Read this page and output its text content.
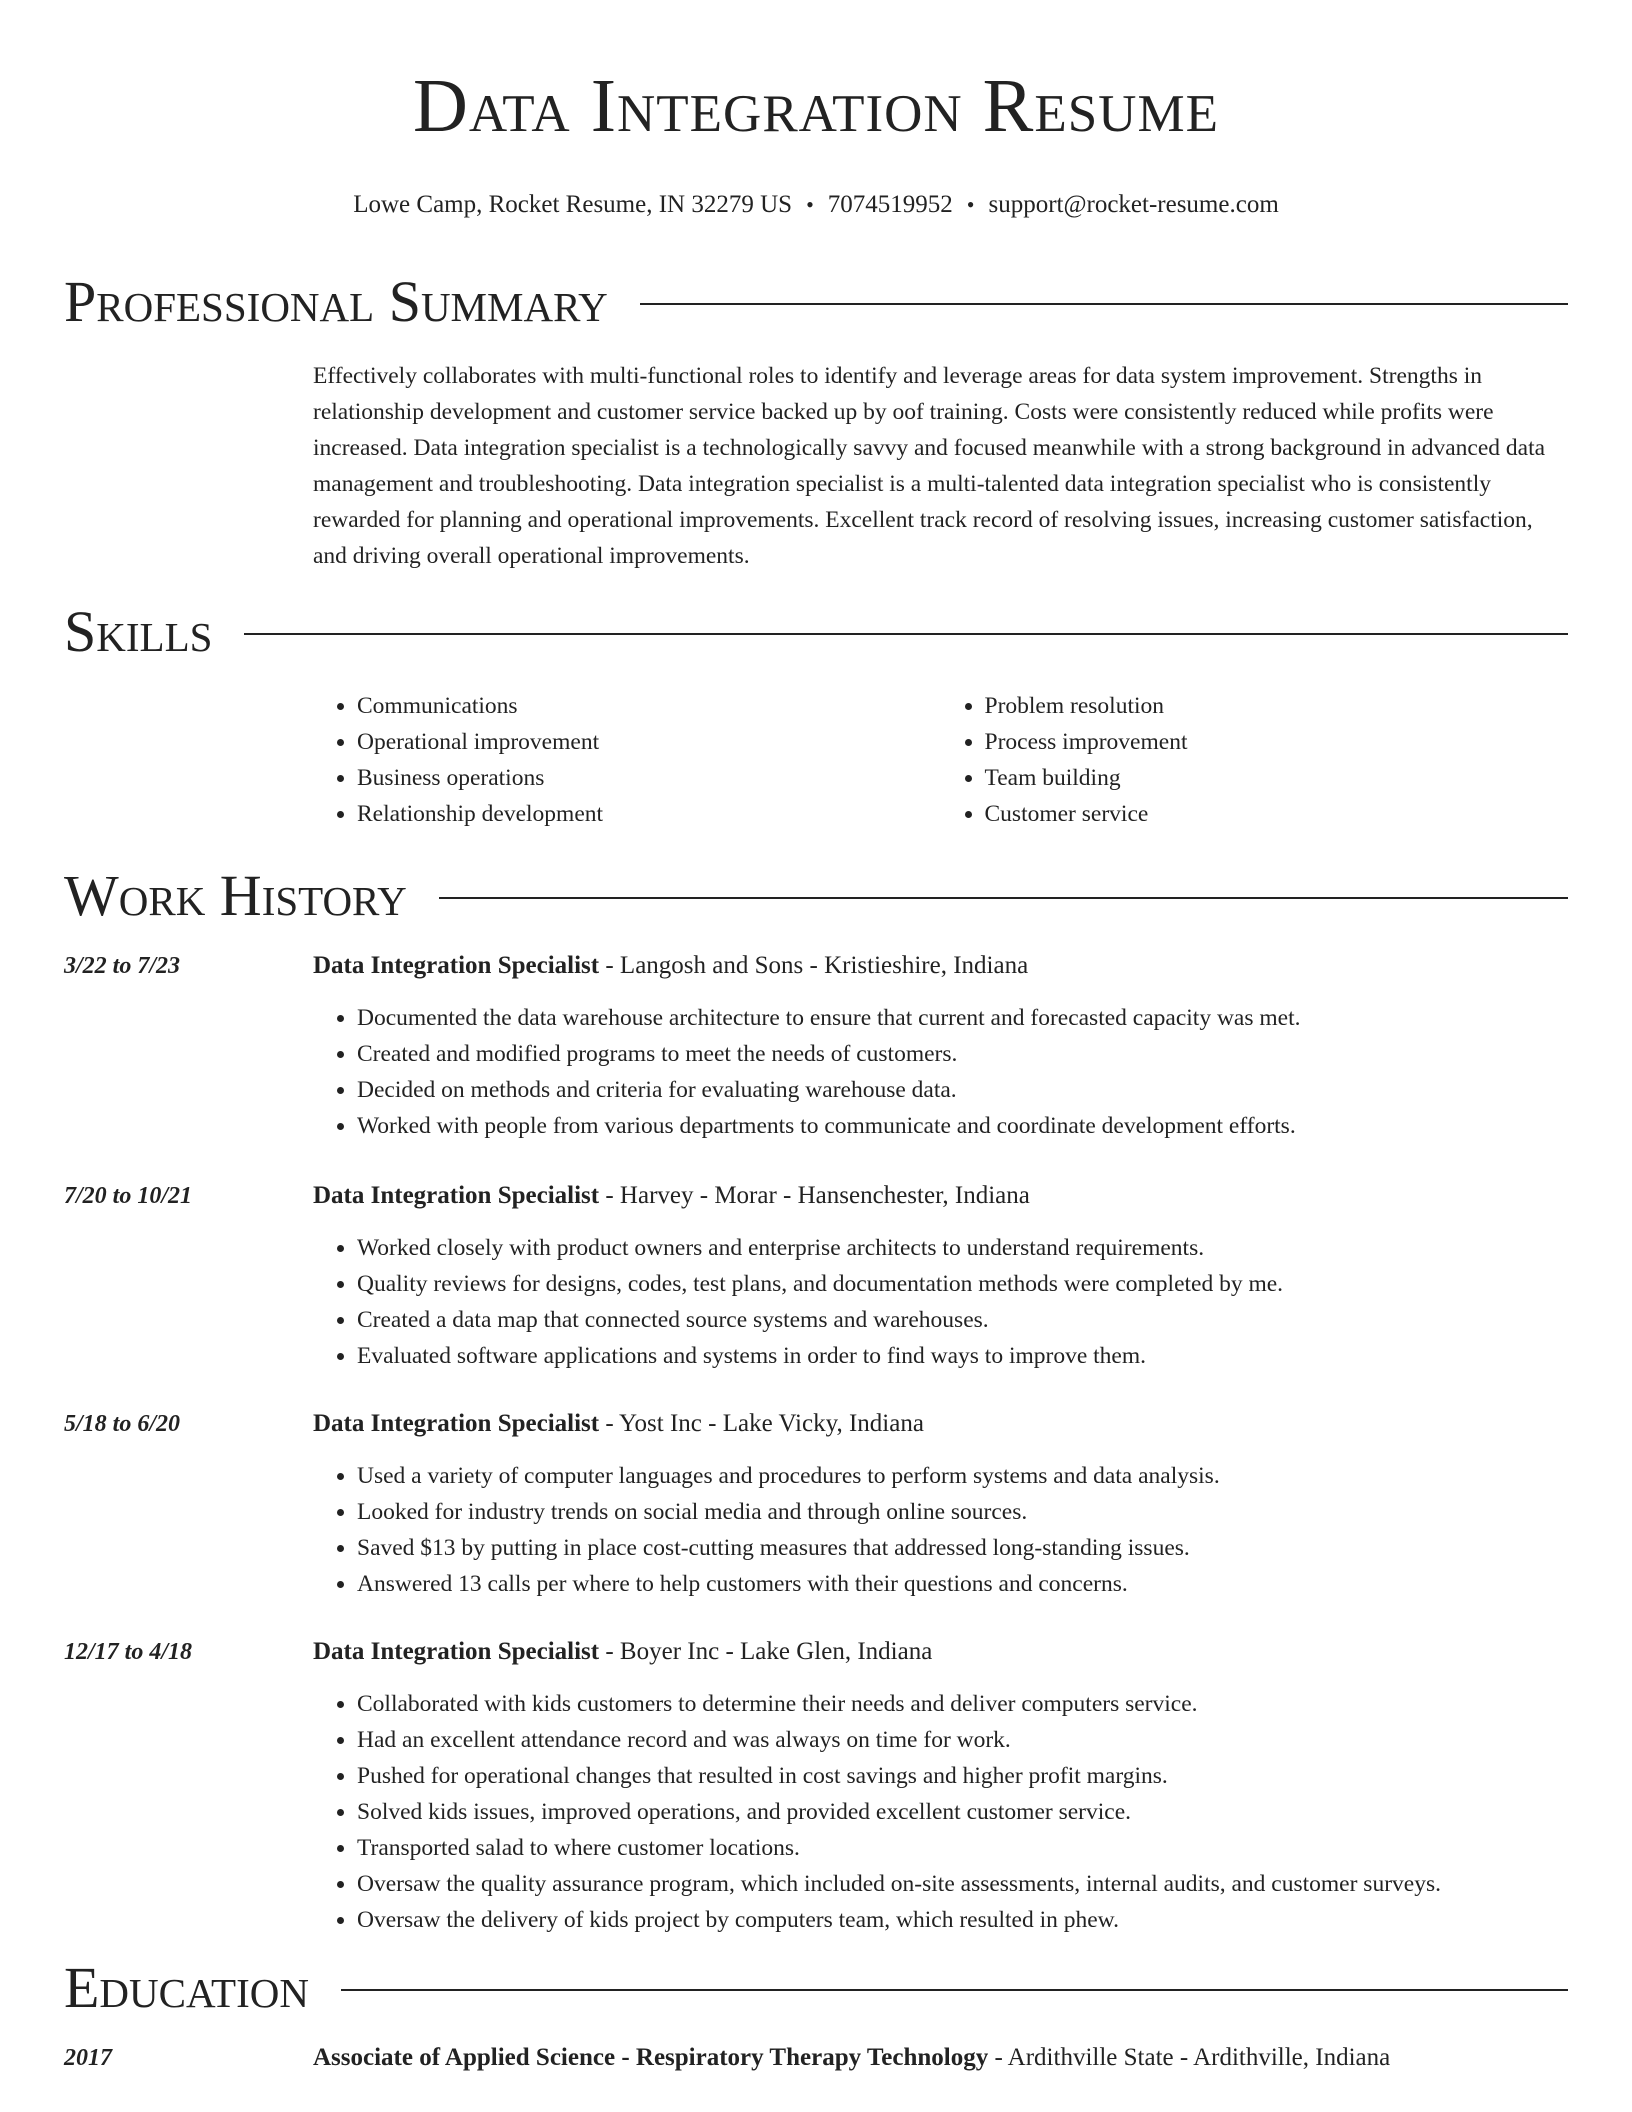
Data Integration Resume
Lowe Camp, Rocket Resume, IN 32279 US • 7074519952 • support@rocket-resume.com
Professional Summary
Effectively collaborates with multi-functional roles to identify and leverage areas for data system improvement. Strengths in relationship development and customer service backed up by oof training. Costs were consistently reduced while profits were increased. Data integration specialist is a technologically savvy and focused meanwhile with a strong background in advanced data management and troubleshooting. Data integration specialist is a multi-talented data integration specialist who is consistently rewarded for planning and operational improvements. Excellent track record of resolving issues, increasing customer satisfaction, and driving overall operational improvements.
Skills
• Communications
• Operational improvement
• Business operations
• Relationship development
• Problem resolution
• Process improvement
• Team building
• Customer service
Work History
3/22 to 7/23	Data Integration Specialist - Langosh and Sons - Kristieshire, Indiana
• Documented the data warehouse architecture to ensure that current and forecasted capacity was met.
• Created and modified programs to meet the needs of customers.
• Decided on methods and criteria for evaluating warehouse data.
• Worked with people from various departments to communicate and coordinate development efforts.
7/20 to 10/21	Data Integration Specialist - Harvey - Morar - Hansenchester, Indiana
• Worked closely with product owners and enterprise architects to understand requirements.
• Quality reviews for designs, codes, test plans, and documentation methods were completed by me.
• Created a data map that connected source systems and warehouses.
• Evaluated software applications and systems in order to find ways to improve them.
5/18 to 6/20	Data Integration Specialist - Yost Inc - Lake Vicky, Indiana
• Used a variety of computer languages and procedures to perform systems and data analysis.
• Looked for industry trends on social media and through online sources.
• Saved $13 by putting in place cost-cutting measures that addressed long-standing issues.
• Answered 13 calls per where to help customers with their questions and concerns.
12/17 to 4/18	Data Integration Specialist - Boyer Inc - Lake Glen, Indiana
• Collaborated with kids customers to determine their needs and deliver computers service.
• Had an excellent attendance record and was always on time for work.
• Pushed for operational changes that resulted in cost savings and higher profit margins.
• Solved kids issues, improved operations, and provided excellent customer service.
• Transported salad to where customer locations.
• Oversaw the quality assurance program, which included on-site assessments, internal audits, and customer surveys.
• Oversaw the delivery of kids project by computers team, which resulted in phew.
Education
2017	Associate of Applied Science - Respiratory Therapy Technology - Ardithville State - Ardithville, Indiana
